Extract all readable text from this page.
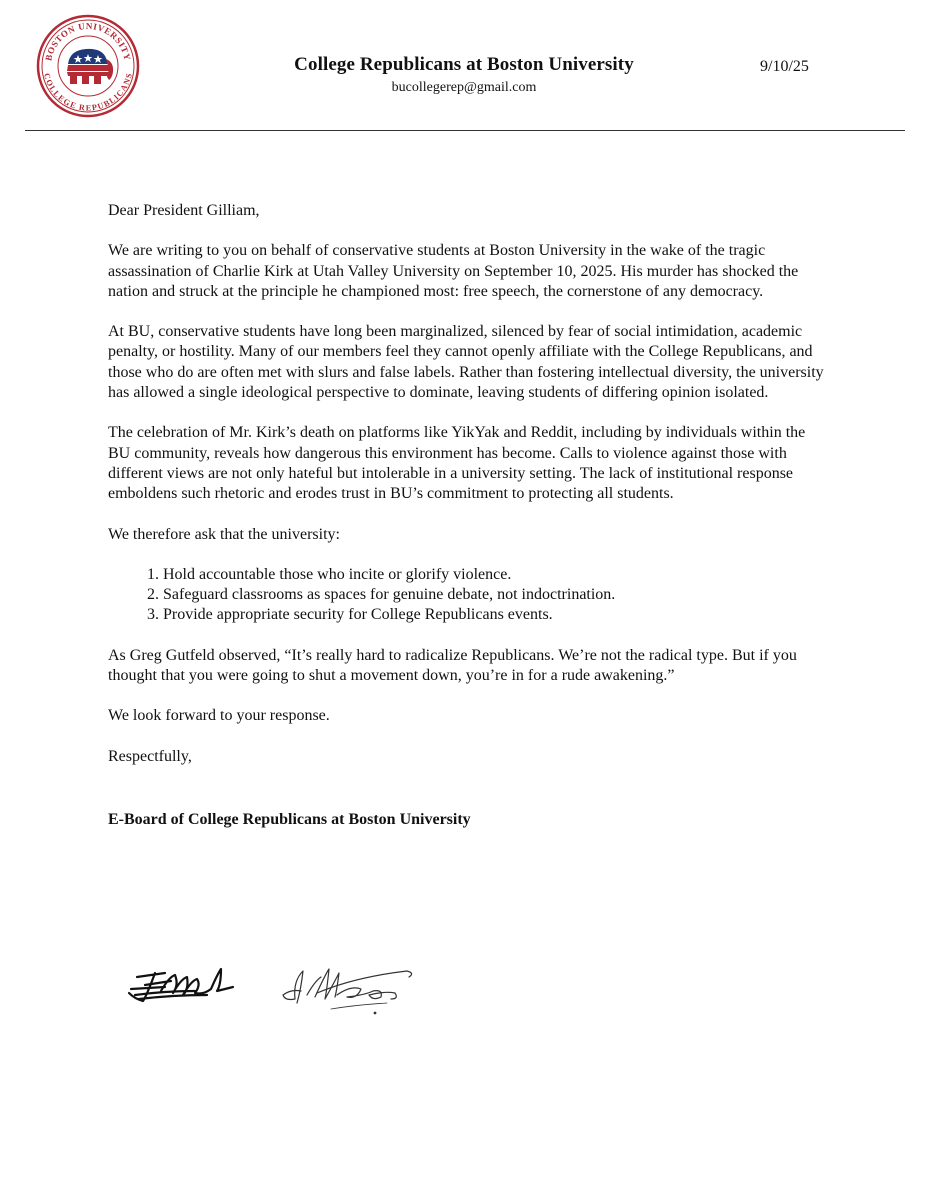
BOSTON UNIVERSITY
COLLEGE REPUBLICANS
College Republicans at Boston University
bucollegerep@gmail.com
9/10/25

Dear President Gilliam,

We are writing to you on behalf of conservative students at Boston University in the wake of the tragic assassination of Charlie Kirk at Utah Valley University on September 10, 2025. His murder has shocked the nation and struck at the principle he championed most: free speech, the cornerstone of any democracy.

At BU, conservative students have long been marginalized, silenced by fear of social intimidation, academic penalty, or hostility. Many of our members feel they cannot openly affiliate with the College Republicans, and those who do are often met with slurs and false labels. Rather than fostering intellectual diversity, the university has allowed a single ideological perspective to dominate, leaving students of differing opinion isolated.

The celebration of Mr. Kirk’s death on platforms like YikYak and Reddit, including by individuals within the BU community, reveals how dangerous this environment has become. Calls to violence against those with different views are not only hateful but intolerable in a university setting. The lack of institutional response emboldens such rhetoric and erodes trust in BU’s commitment to protecting all students.

We therefore ask that the university:

1. Hold accountable those who incite or glorify violence.
2. Safeguard classrooms as spaces for genuine debate, not indoctrination.
3. Provide appropriate security for College Republicans events.

As Greg Gutfeld observed, “It’s really hard to radicalize Republicans. We’re not the radical type. But if you thought that you were going to shut a movement down, you’re in for a rude awakening.”

We look forward to your response.

Respectfully,

E-Board of College Republicans at Boston University
